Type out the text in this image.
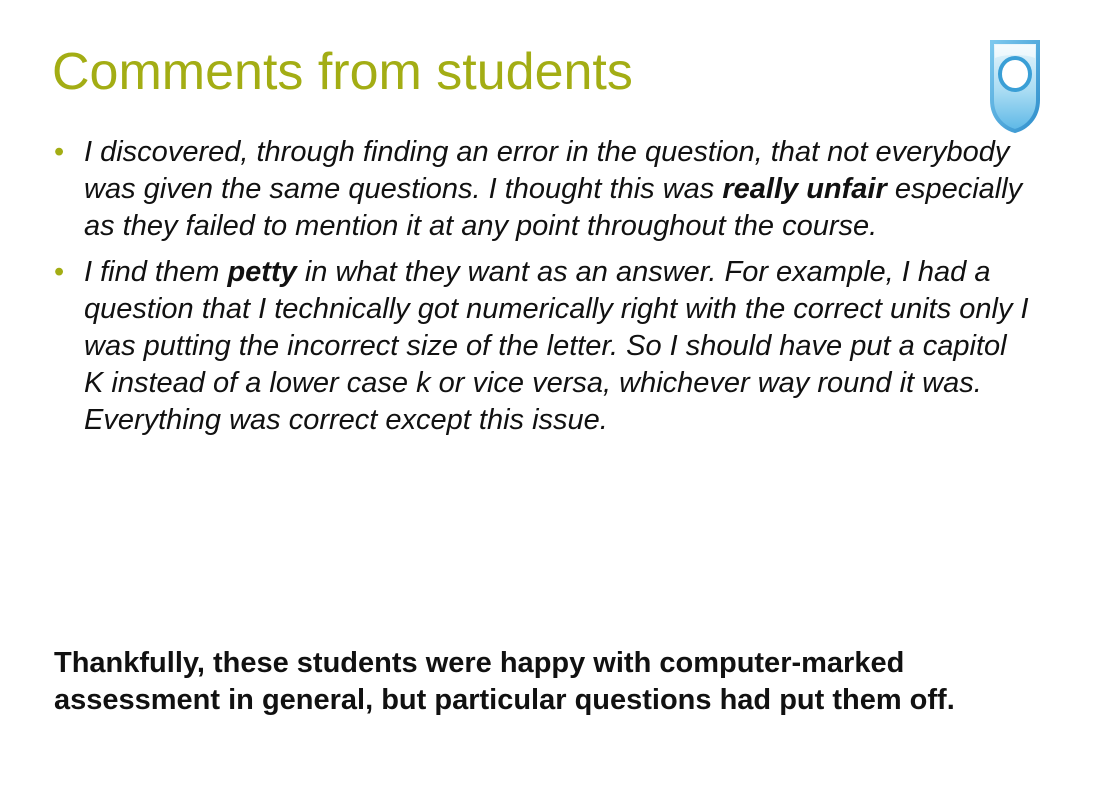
Comments from students
• I discovered, through finding an error in the question, that not everybody was given the same questions. I thought this was really unfair especially as they failed to mention it at any point throughout the course.
• I find them petty in what they want as an answer. For example, I had a question that I technically got numerically right with the correct units only I was putting the incorrect size of the letter. So I should have put a capitol K instead of a lower case k or vice versa, whichever way round it was. Everything was correct except this issue.

Thankfully, these students were happy with computer-marked assessment in general, but particular questions had put them off.
